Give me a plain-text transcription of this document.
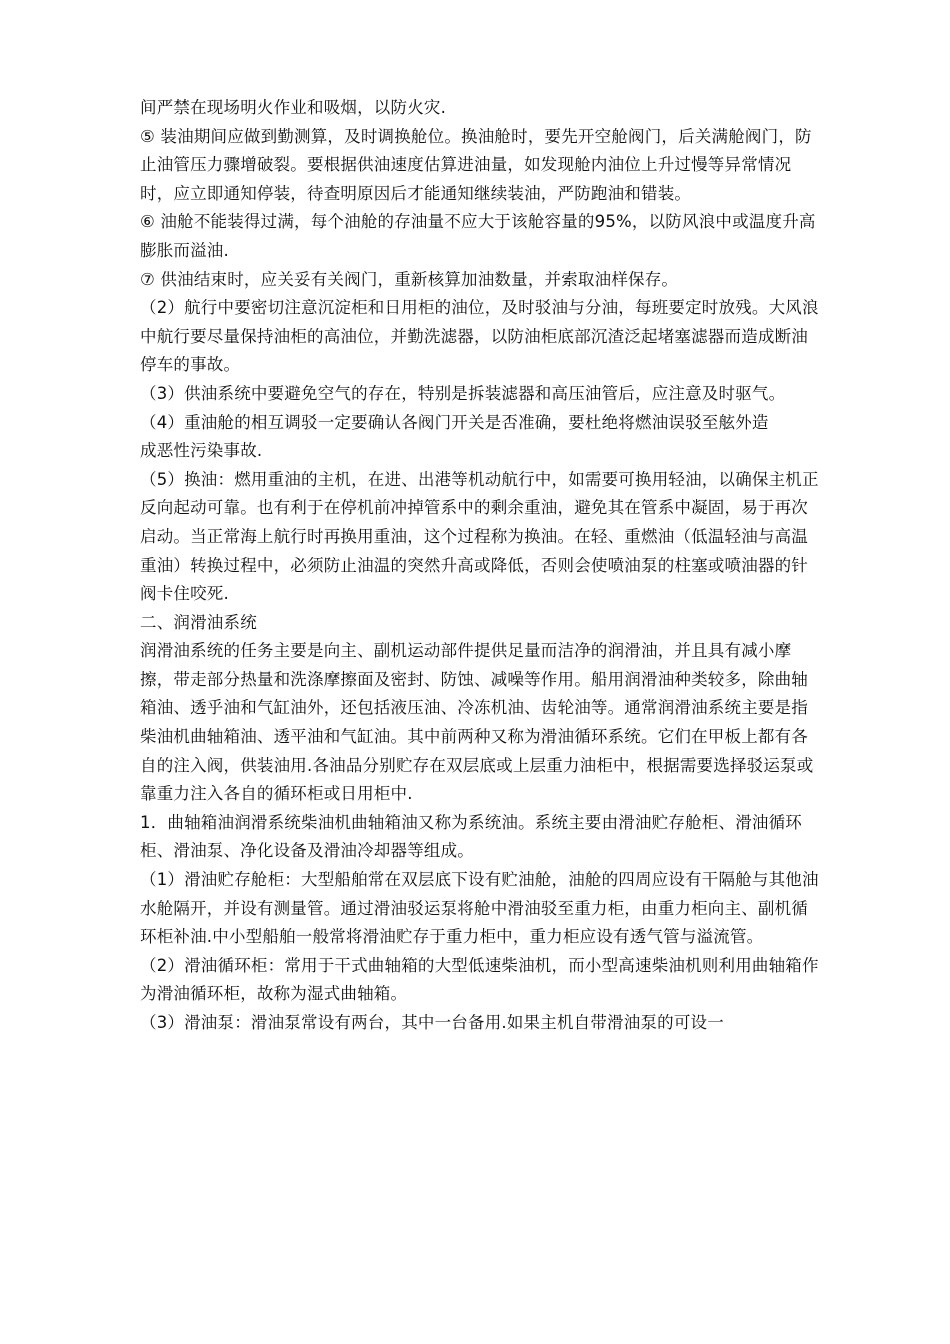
间严禁在现场明火作业和吸烟，以防火灾.

⑤ 装油期间应做到勤测算，及时调换舱位。换油舱时，要先开空舱阀门，后关满舱阀门，防止油管压力骤增破裂。要根据供油速度估算进油量，如发现舱内油位上升过慢等异常情况时，应立即通知停装，待查明原因后才能通知继续装油，严防跑油和错装。

⑥ 油舱不能装得过满，每个油舱的存油量不应大于该舱容量的95%，以防风浪中或温度升高膨胀而溢油.

⑦ 供油结束时，应关妥有关阀门，重新核算加油数量，并索取油样保存。

（2）航行中要密切注意沉淀柜和日用柜的油位，及时驳油与分油，每班要定时放残。大风浪中航行要尽量保持油柜的高油位，并勤洗滤器，以防油柜底部沉渣泛起堵塞滤器而造成断油停车的事故。

（3）供油系统中要避免空气的存在，特别是拆装滤器和高压油管后，应注意及时驱气。

（4）重油舱的相互调驳一定要确认各阀门开关是否准确，要杜绝将燃油误驳至舷外造

成恶性污染事故.

（5）换油：燃用重油的主机，在进、出港等机动航行中，如需要可换用轻油，以确保主机正反向起动可靠。也有利于在停机前冲掉管系中的剩余重油，避免其在管系中凝固，易于再次启动。当正常海上航行时再换用重油，这个过程称为换油。在轻、重燃油（低温轻油与高温重油）转换过程中，必须防止油温的突然升高或降低，否则会使喷油泵的柱塞或喷油器的针阀卡住咬死.

二、润滑油系统

润滑油系统的任务主要是向主、副机运动部件提供足量而洁净的润滑油，并且具有减小摩擦，带走部分热量和洗涤摩擦面及密封、防蚀、减噪等作用。船用润滑油种类较多，除曲轴箱油、透乎油和气缸油外，还包括液压油、冷冻机油、齿轮油等。通常润滑油系统主要是指柴油机曲轴箱油、透平油和气缸油。其中前两种又称为滑油循环系统。它们在甲板上都有各自的注入阀，供装油用.各油品分别贮存在双层底或上层重力油柜中，根据需要选择驳运泵或靠重力注入各自的循环柜或日用柜中.

1．曲轴箱油润滑系统柴油机曲轴箱油又称为系统油。系统主要由滑油贮存舱柜、滑油循环柜、滑油泵、净化设备及滑油冷却器等组成。

（1）滑油贮存舱柜：大型船舶常在双层底下设有贮油舱，油舱的四周应设有干隔舱与其他油水舱隔开，并设有测量管。通过滑油驳运泵将舱中滑油驳至重力柜，由重力柜向主、副机循环柜补油.中小型船舶一般常将滑油贮存于重力柜中，重力柜应设有透气管与溢流管。

（2）滑油循环柜：常用于干式曲轴箱的大型低速柴油机，而小型高速柴油机则利用曲轴箱作为滑油循环柜，故称为湿式曲轴箱。

（3）滑油泵：滑油泵常设有两台，其中一台备用.如果主机自带滑油泵的可设一
